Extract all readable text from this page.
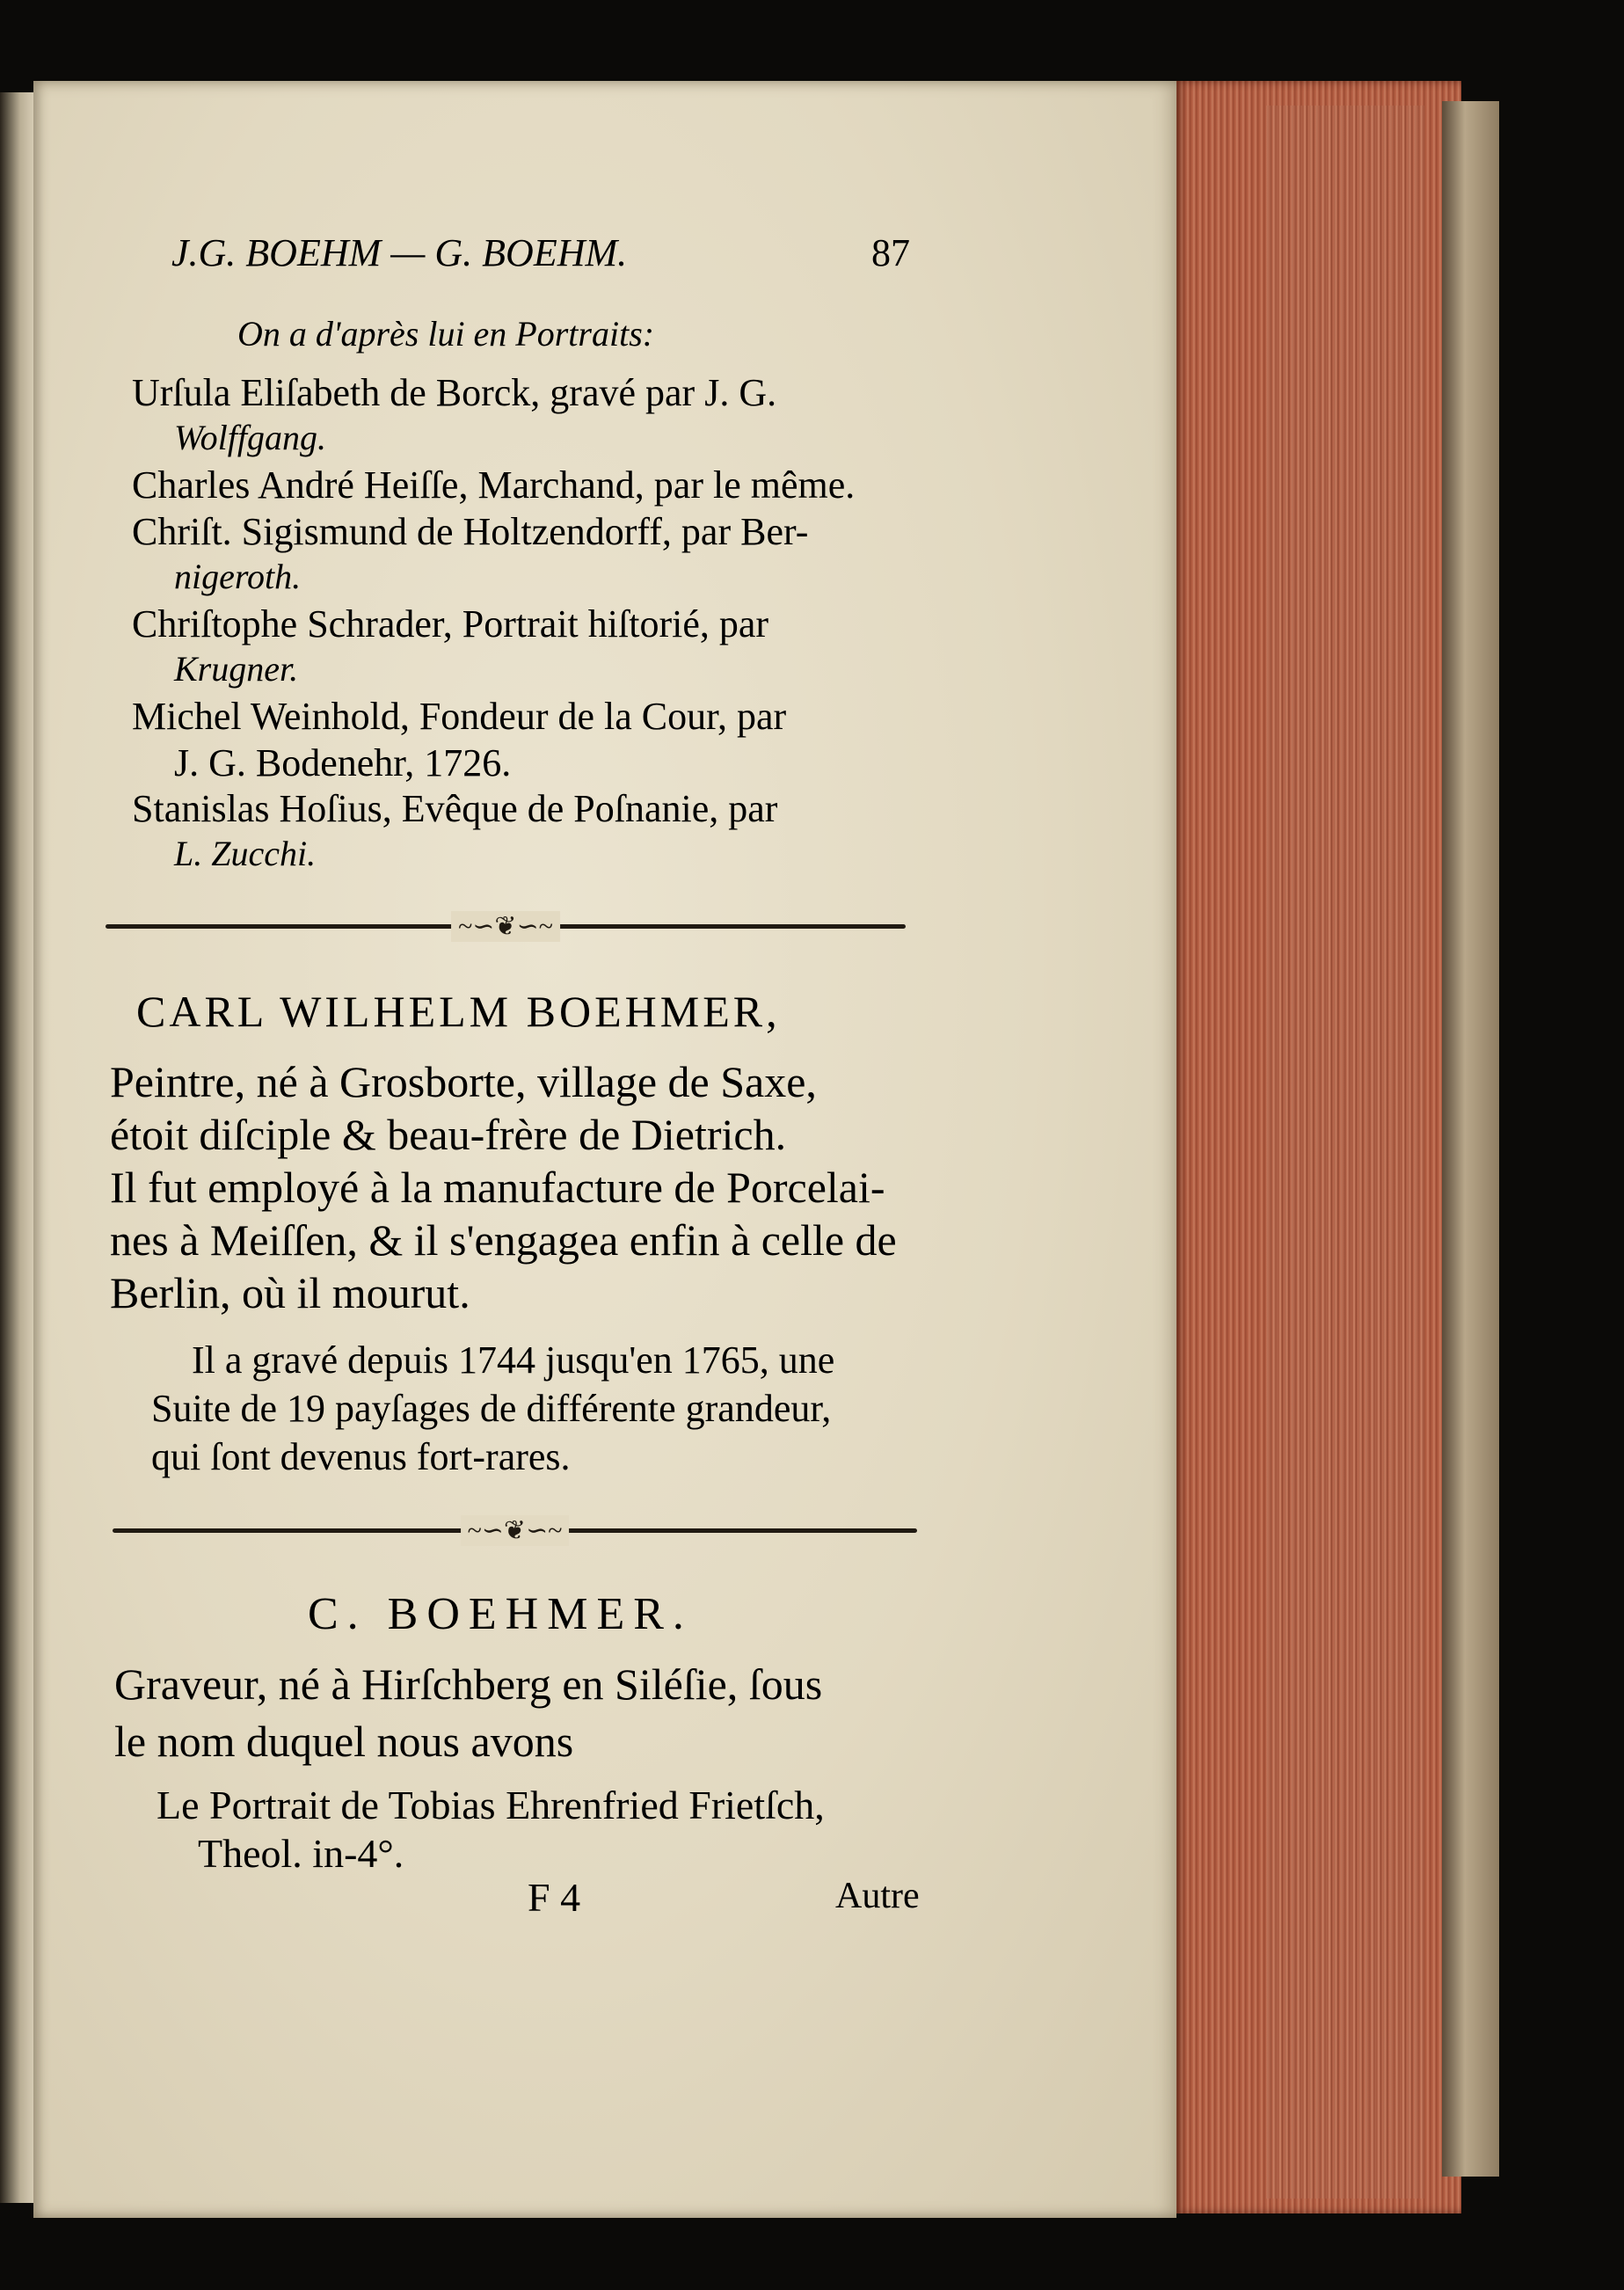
J.G. BOEHM — G. BOEHM.	87
On a d'après lui en Portraits:
Urſula Eliſabeth de Borck, gravé par J. G.
Wolffgang.
Charles André Heiſſe, Marchand, par le même.
Chriſt. Sigismund de Holtzendorff, par Ber-
nigeroth.
Chriſtophe Schrader, Portrait hiſtorié, par
Krugner.
Michel Weinhold, Fondeur de la Cour, par
J. G. Bodenehr, 1726.
Stanislas Hoſius, Evêque de Poſnanie, par
L. Zucchi.
~∽❦∽~
CARL WILHELM BOEHMER,
Peintre, né à Grosborte, village de Saxe,
étoit diſciple & beau-frère de Dietrich.
Il fut employé à la manufacture de Porcelai-
nes à Meiſſen, & il s'engagea enfin à celle de
Berlin, où il mourut.
Il a gravé depuis 1744 jusqu'en 1765, une
Suite de 19 payſages de différente grandeur,
qui ſont devenus fort-rares.
~∽❦∽~
C. BOEHMER.
Graveur, né à Hirſchberg en Siléſie, ſous
le nom duquel nous avons
Le Portrait de Tobias Ehrenfried Frietſch,
Theol. in-4°.
F 4	Autre
